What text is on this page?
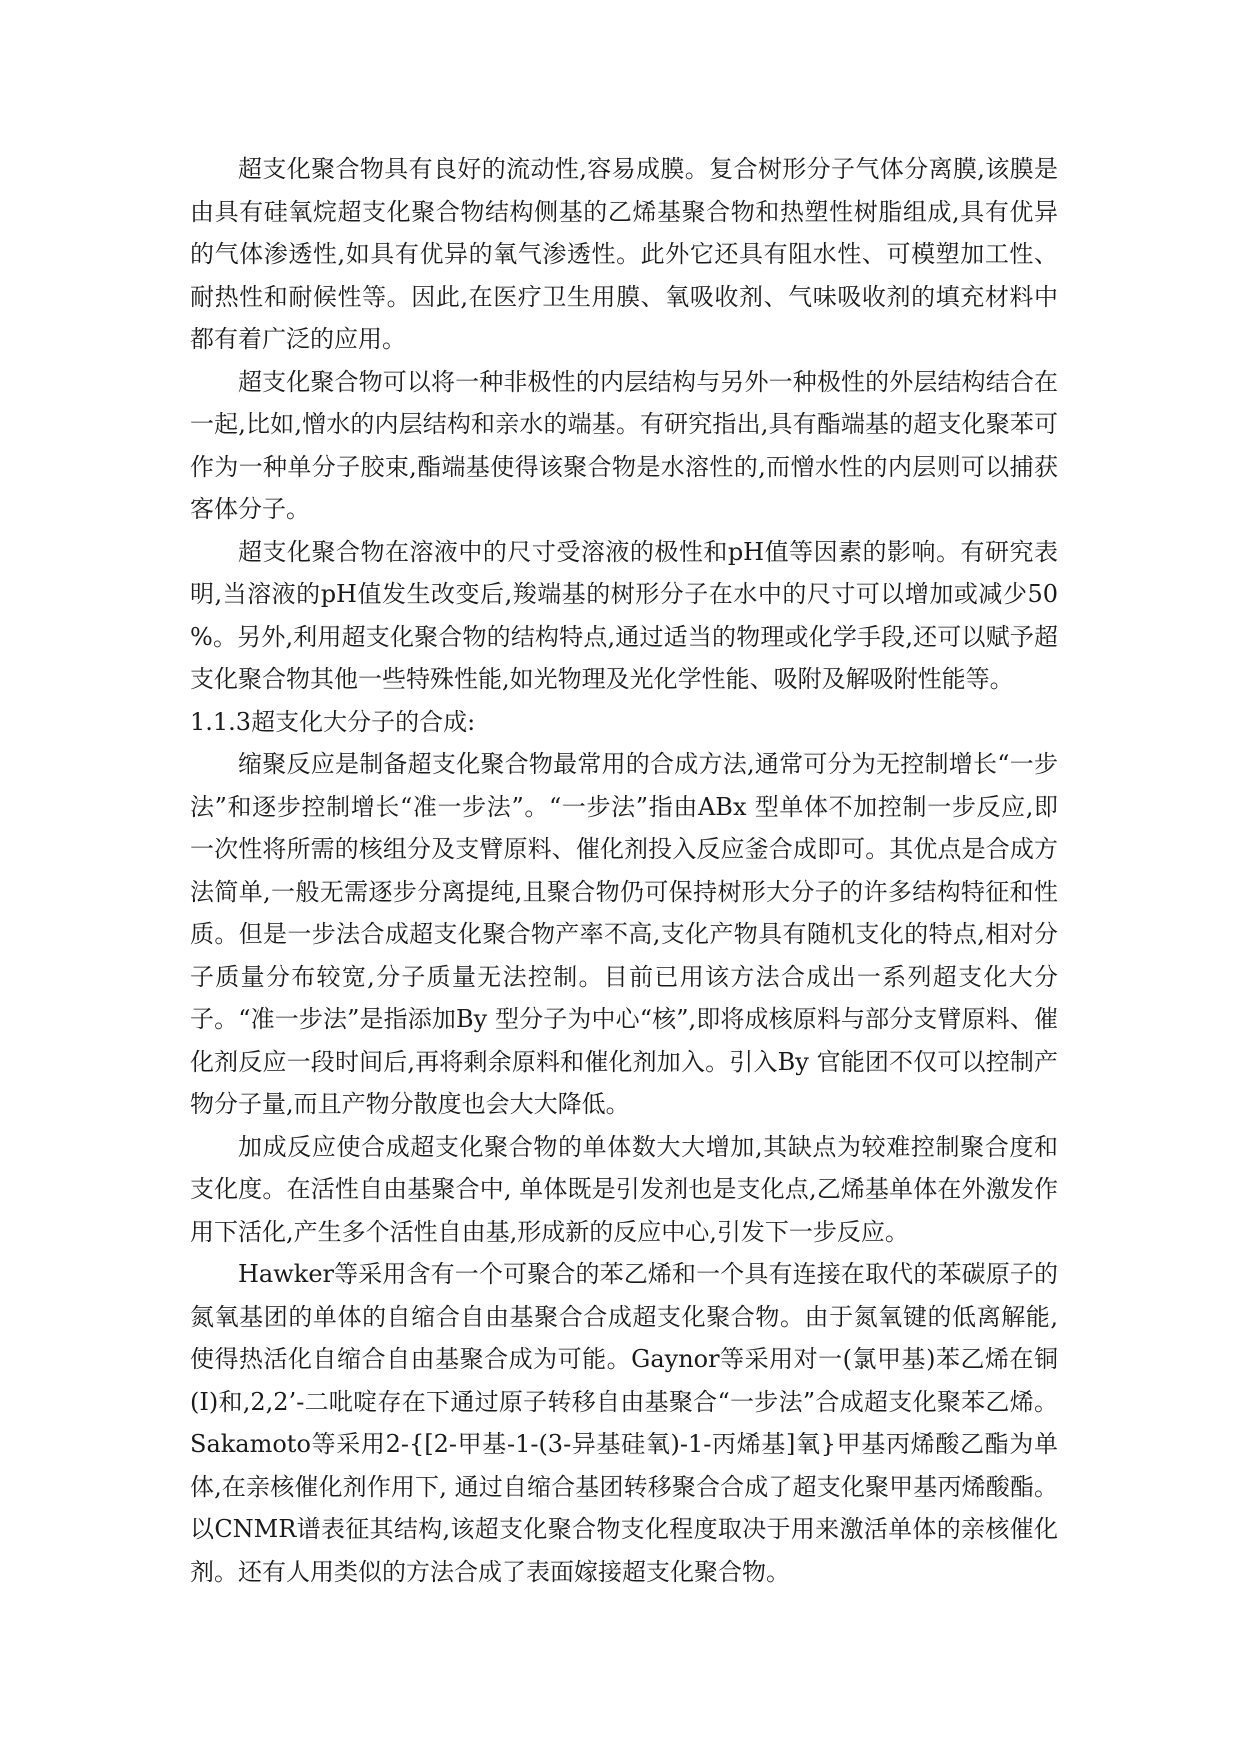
超支化聚合物具有良好的流动性,容易成膜。复合树形分子气体分离膜,该膜是由具有硅氧烷超支化聚合物结构侧基的乙烯基聚合物和热塑性树脂组成,具有优异的气体渗透性,如具有优异的氧气渗透性。此外它还具有阻水性、可模塑加工性、耐热性和耐候性等。因此,在医疗卫生用膜、氧吸收剂、气味吸收剂的填充材料中都有着广泛的应用。

超支化聚合物可以将一种非极性的内层结构与另外一种极性的外层结构结合在一起,比如,憎水的内层结构和亲水的端基。有研究指出,具有酯端基的超支化聚苯可作为一种单分子胶束,酯端基使得该聚合物是水溶性的,而憎水性的内层则可以捕获客体分子。

超支化聚合物在溶液中的尺寸受溶液的极性和pH值等因素的影响。有研究表明,当溶液的pH值发生改变后,羧端基的树形分子在水中的尺寸可以增加或减少50 %。另外,利用超支化聚合物的结构特点,通过适当的物理或化学手段,还可以赋予超支化聚合物其他一些特殊性能,如光物理及光化学性能、吸附及解吸附性能等。

1.1.3超支化大分子的合成:

缩聚反应是制备超支化聚合物最常用的合成方法,通常可分为无控制增长“一步法”和逐步控制增长“准一步法”。“一步法”指由ABx 型单体不加控制一步反应,即一次性将所需的核组分及支臂原料、催化剂投入反应釜合成即可。其优点是合成方法简单,一般无需逐步分离提纯,且聚合物仍可保持树形大分子的许多结构特征和性质。但是一步法合成超支化聚合物产率不高,支化产物具有随机支化的特点,相对分子质量分布较宽,分子质量无法控制。目前已用该方法合成出一系列超支化大分子。“准一步法”是指添加By 型分子为中心“核”,即将成核原料与部分支臂原料、催化剂反应一段时间后,再将剩余原料和催化剂加入。引入By 官能团不仅可以控制产物分子量,而且产物分散度也会大大降低。

加成反应使合成超支化聚合物的单体数大大增加,其缺点为较难控制聚合度和支化度。在活性自由基聚合中, 单体既是引发剂也是支化点,乙烯基单体在外激发作用下活化,产生多个活性自由基,形成新的反应中心,引发下一步反应。

Hawker等采用含有一个可聚合的苯乙烯和一个具有连接在取代的苯碳原子的氮氧基团的单体的自缩合自由基聚合合成超支化聚合物。由于氮氧键的低离解能,使得热活化自缩合自由基聚合成为可能。Gaynor等采用对一(氯甲基)苯乙烯在铜(I)和,2,2’-二吡啶存在下通过原子转移自由基聚合“一步法”合成超支化聚苯乙烯。Sakamoto等采用2-{[2-甲基-1-(3-异基硅氧)-1-丙烯基]氧}甲基丙烯酸乙酯为单体,在亲核催化剂作用下, 通过自缩合基团转移聚合合成了超支化聚甲基丙烯酸酯。以CNMR谱表征其结构,该超支化聚合物支化程度取决于用来激活单体的亲核催化剂。还有人用类似的方法合成了表面嫁接超支化聚合物。
